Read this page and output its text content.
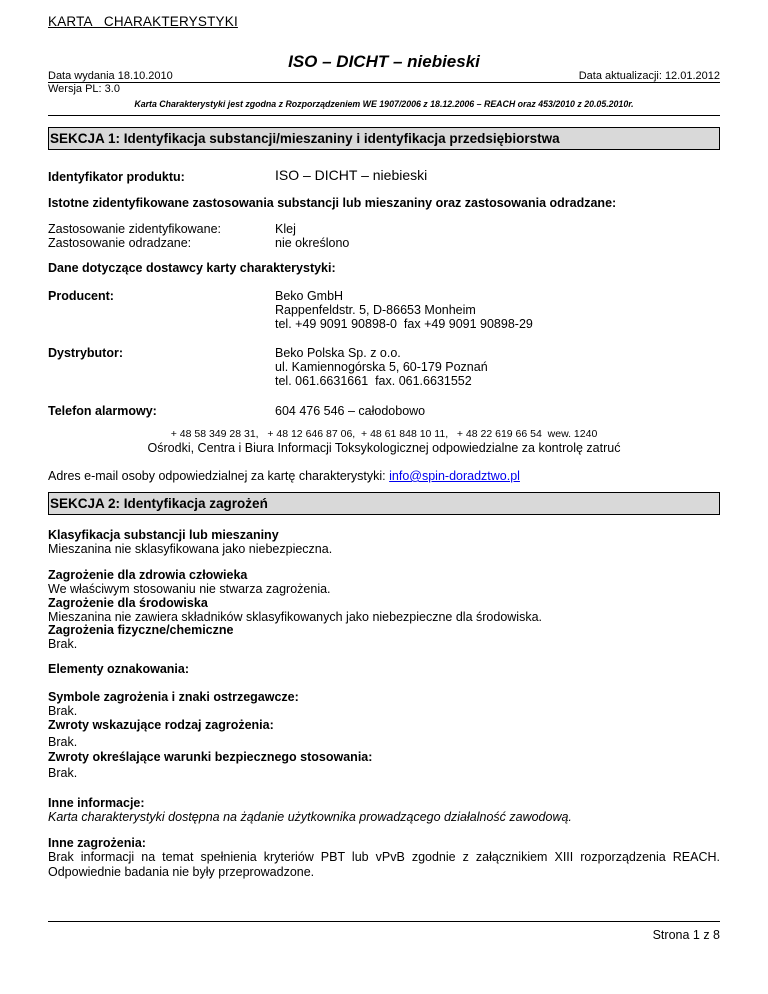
KARTA   CHARAKTERYSTYKI
ISO – DICHT – niebieski
Data wydania 18.10.2010
Wersja PL: 3.0
Data aktualizacji: 12.01.2012
Karta Charakterystyki jest zgodna z Rozporządzeniem WE 1907/2006 z 18.12.2006 – REACH oraz 453/2010 z 20.05.2010r.
SEKCJA 1: Identyfikacja substancji/mieszaniny i identyfikacja przedsiębiorstwa
Identyfikator produktu:	ISO – DICHT – niebieski
Istotne zidentyfikowane zastosowania substancji lub mieszaniny oraz zastosowania odradzane:
Zastosowanie zidentyfikowane:	Klej
Zastosowanie odradzane:	nie określono
Dane dotyczące dostawcy karty charakterystyki:
Producent:	Beko GmbH
Rappenfeldstr. 5, D-86653 Monheim
tel. +49 9091 90898-0  fax +49 9091 90898-29
Dystrybutor:	Beko Polska Sp. z o.o.
ul. Kamiennogórska 5, 60-179 Poznań
tel. 061.6631661  fax. 061.6631552
Telefon alarmowy:	604 476 546 – całodobowo
+ 48 58 349 28 31,   + 48 12 646 87 06,  + 48 61 848 10 11,   + 48 22 619 66 54  wew. 1240
Ośrodki, Centra i Biura Informacji Toksykologicznej odpowiedzialne za kontrolę zatruć
Adres e-mail osoby odpowiedzialnej za kartę charakterystyki: info@spin-doradztwo.pl
SEKCJA 2: Identyfikacja zagrożeń
Klasyfikacja substancji lub mieszaniny
Mieszanina nie sklasyfikowana jako niebezpieczna.
Zagrożenie dla zdrowia człowieka
We właściwym stosowaniu nie stwarza zagrożenia.
Zagrożenie dla środowiska
Mieszanina nie zawiera składników sklasyfikowanych jako niebezpieczne dla środowiska.
Zagrożenia fizyczne/chemiczne
Brak.
Elementy oznakowania:
Symbole zagrożenia i znaki ostrzegawcze:
Brak.
Zwroty wskazujące rodzaj zagrożenia:
Brak.
Zwroty określające warunki bezpiecznego stosowania:
Brak.
Inne informacje:
Karta charakterystyki dostępna na żądanie użytkownika prowadzącego działalność zawodową.
Inne zagrożenia:
Brak informacji na temat spełnienia kryteriów PBT lub vPvB zgodnie z załącznikiem XIII rozporządzenia REACH. Odpowiednie badania nie były przeprowadzone.
Strona 1 z 8
